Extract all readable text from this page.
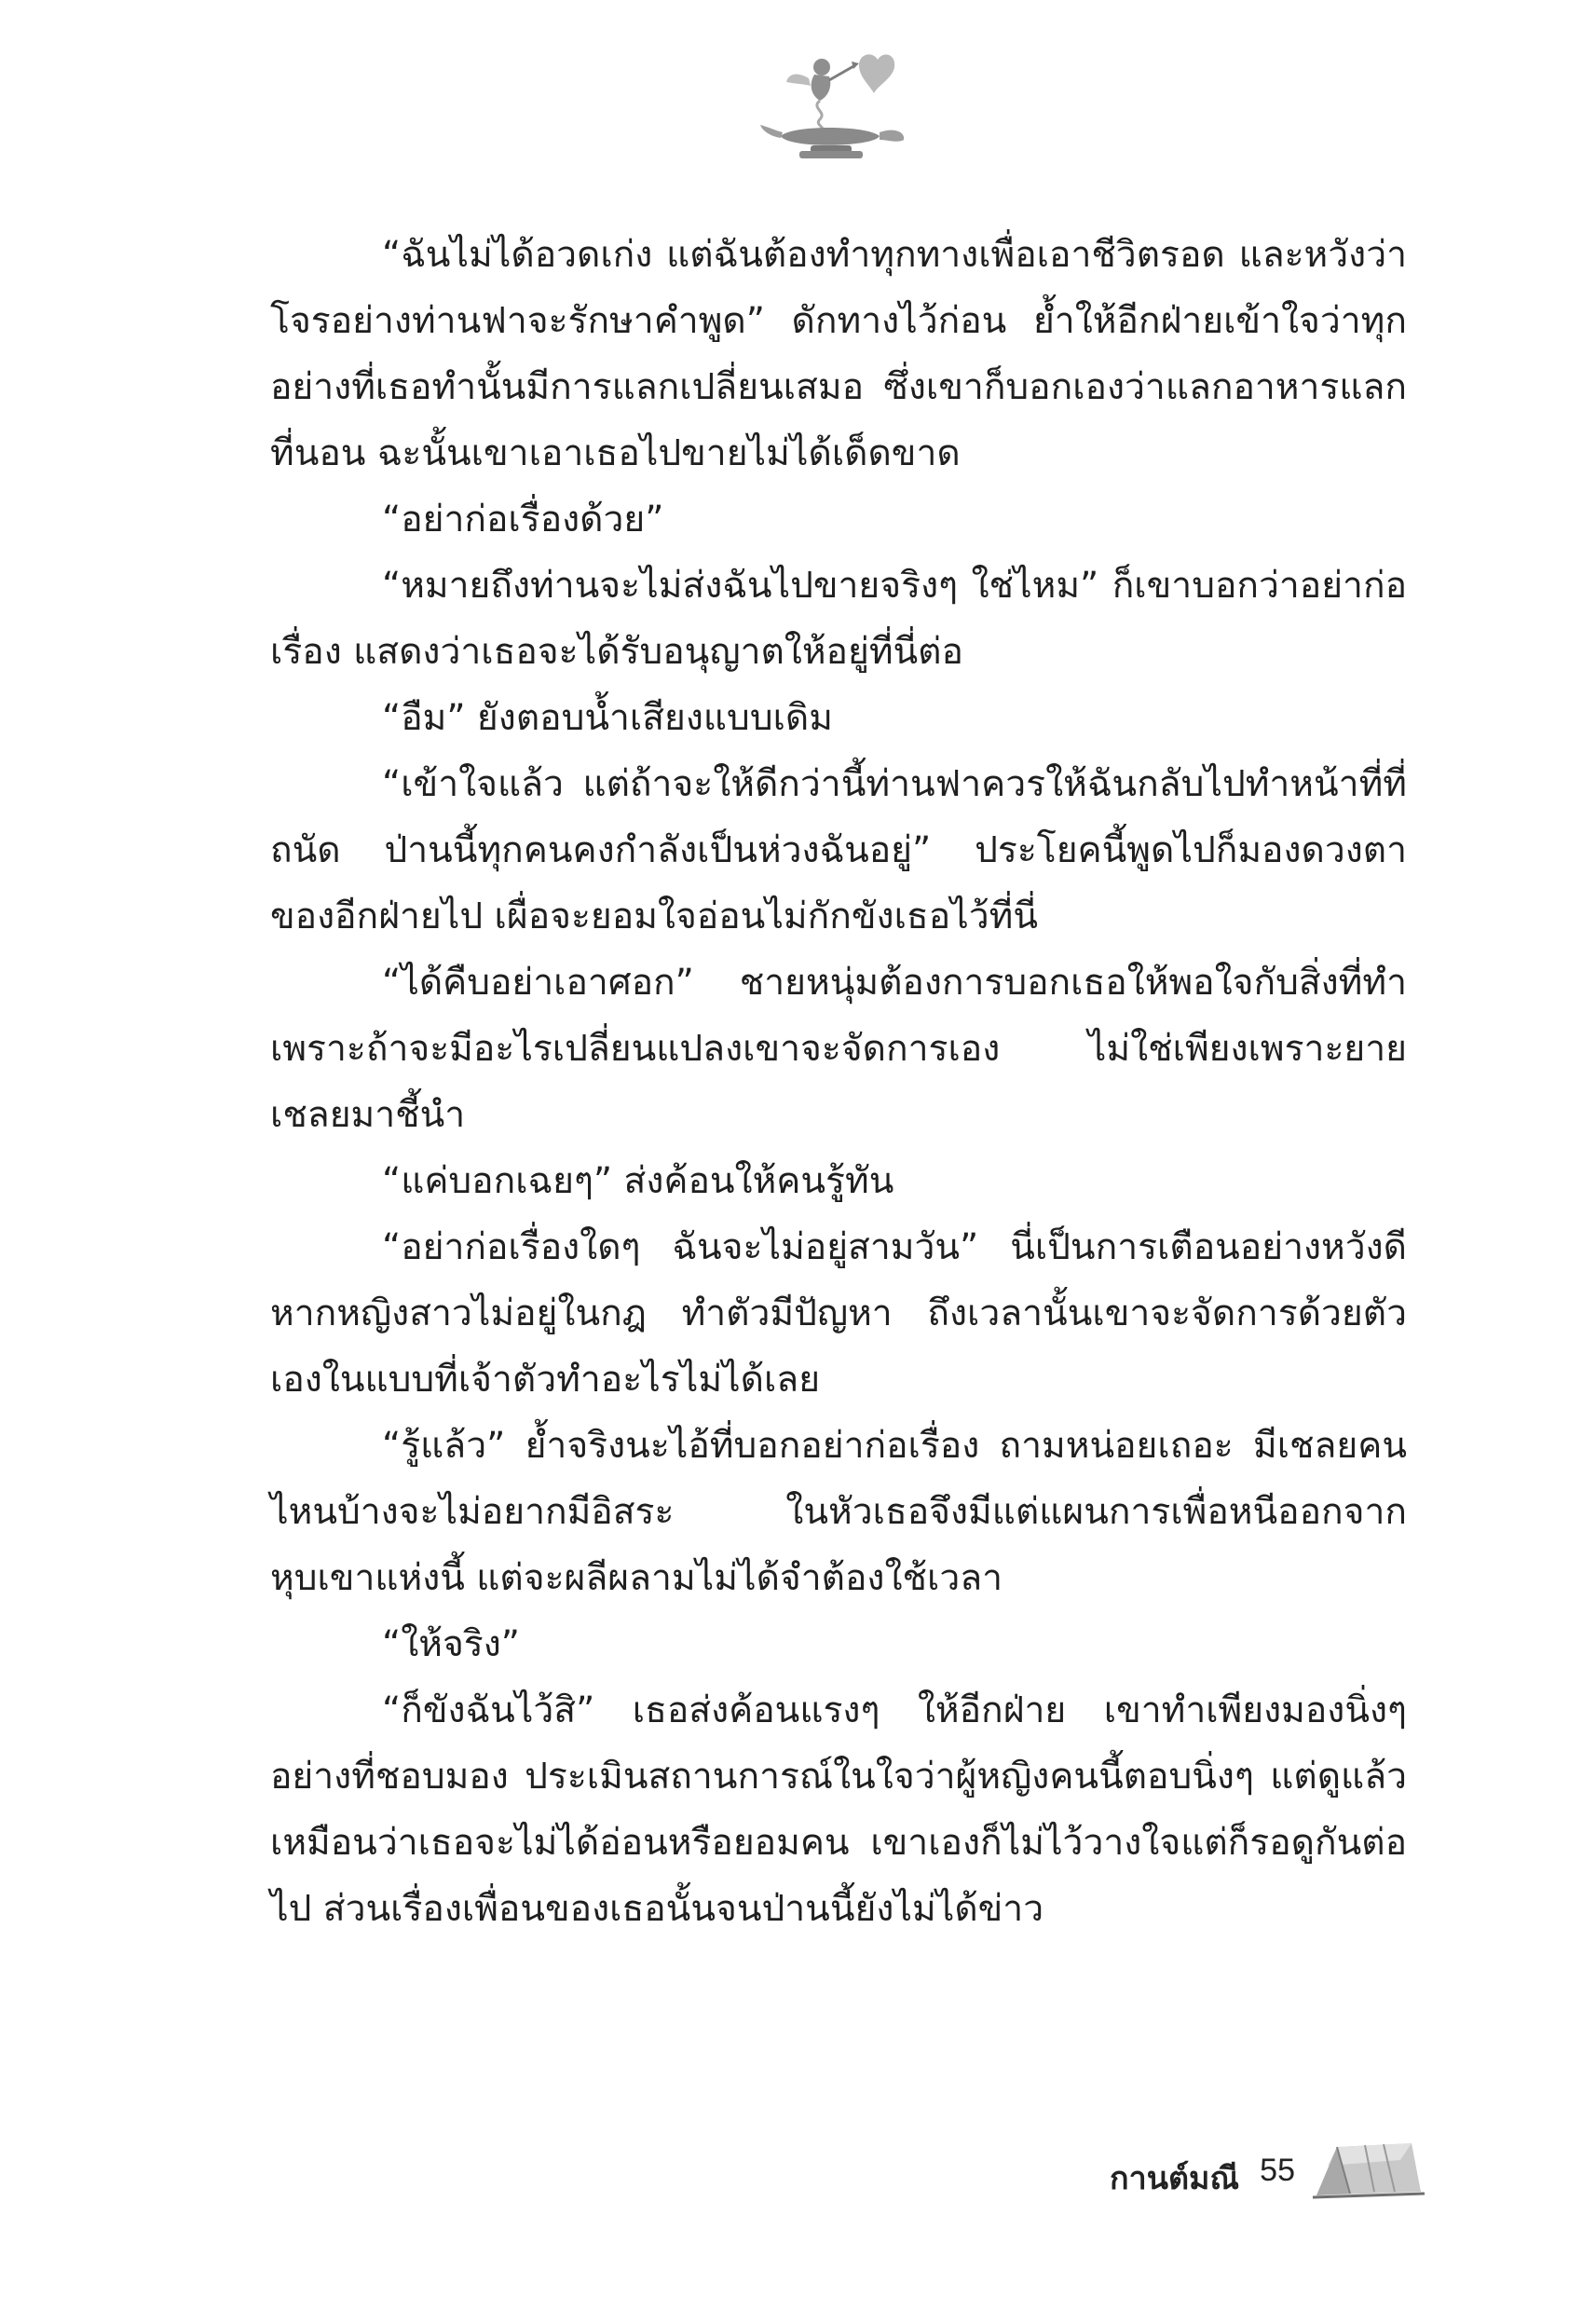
“ฉันไม่ได้อวดเก่ง แต่ฉันต้องทำทุกทางเพื่อเอาชีวิตรอด และหวังว่าโจรอย่างท่านฟาจะรักษาคำพูด” ดักทางไว้ก่อน ย้ำให้อีกฝ่ายเข้าใจว่าทุกอย่างที่เธอทำนั้นมีการแลกเปลี่ยนเสมอ ซึ่งเขาก็บอกเองว่าแลกอาหารแลกที่นอน ฉะนั้นเขาเอาเธอไปขายไม่ได้เด็ดขาด

“อย่าก่อเรื่องด้วย”

“หมายถึงท่านจะไม่ส่งฉันไปขายจริงๆ ใช่ไหม” ก็เขาบอกว่าอย่าก่อเรื่อง แสดงว่าเธอจะได้รับอนุญาตให้อยู่ที่นี่ต่อ

“อืม” ยังตอบน้ำเสียงแบบเดิม

“เข้าใจแล้ว แต่ถ้าจะให้ดีกว่านี้ท่านฟาควรให้ฉันกลับไปทำหน้าที่ที่ถนัด ป่านนี้ทุกคนคงกำลังเป็นห่วงฉันอยู่” ประโยคนี้พูดไปก็มองดวงตาของอีกฝ่ายไป เผื่อจะยอมใจอ่อนไม่กักขังเธอไว้ที่นี่

“ได้คืบอย่าเอาศอก” ชายหนุ่มต้องการบอกเธอให้พอใจกับสิ่งที่ทำเพราะถ้าจะมีอะไรเปลี่ยนแปลงเขาจะจัดการเอง ไม่ใช่เพียงเพราะยายเชลยมาชี้นำ

“แค่บอกเฉยๆ” ส่งค้อนให้คนรู้ทัน

“อย่าก่อเรื่องใดๆ ฉันจะไม่อยู่สามวัน” นี่เป็นการเตือนอย่างหวังดี หากหญิงสาวไม่อยู่ในกฎ ทำตัวมีปัญหา ถึงเวลานั้นเขาจะจัดการด้วยตัวเองในแบบที่เจ้าตัวทำอะไรไม่ได้เลย

“รู้แล้ว” ย้ำจริงนะไอ้ที่บอกอย่าก่อเรื่อง ถามหน่อยเถอะ มีเชลยคนไหนบ้างจะไม่อยากมีอิสระ ในหัวเธอจึงมีแต่แผนการเพื่อหนีออกจากหุบเขาแห่งนี้ แต่จะผลีผลามไม่ได้จำต้องใช้เวลา

“ให้จริง”

“ก็ขังฉันไว้สิ” เธอส่งค้อนแรงๆ ให้อีกฝ่าย เขาทำเพียงมองนิ่งๆ อย่างที่ชอบมอง ประเมินสถานการณ์ในใจว่าผู้หญิงคนนี้ตอบนิ่งๆ แต่ดูแล้วเหมือนว่าเธอจะไม่ได้อ่อนหรือยอมคน เขาเองก็ไม่ไว้วางใจแต่ก็รอดูกันต่อไป ส่วนเรื่องเพื่อนของเธอนั้นจนป่านนี้ยังไม่ได้ข่าว

กานต์มณี 55
